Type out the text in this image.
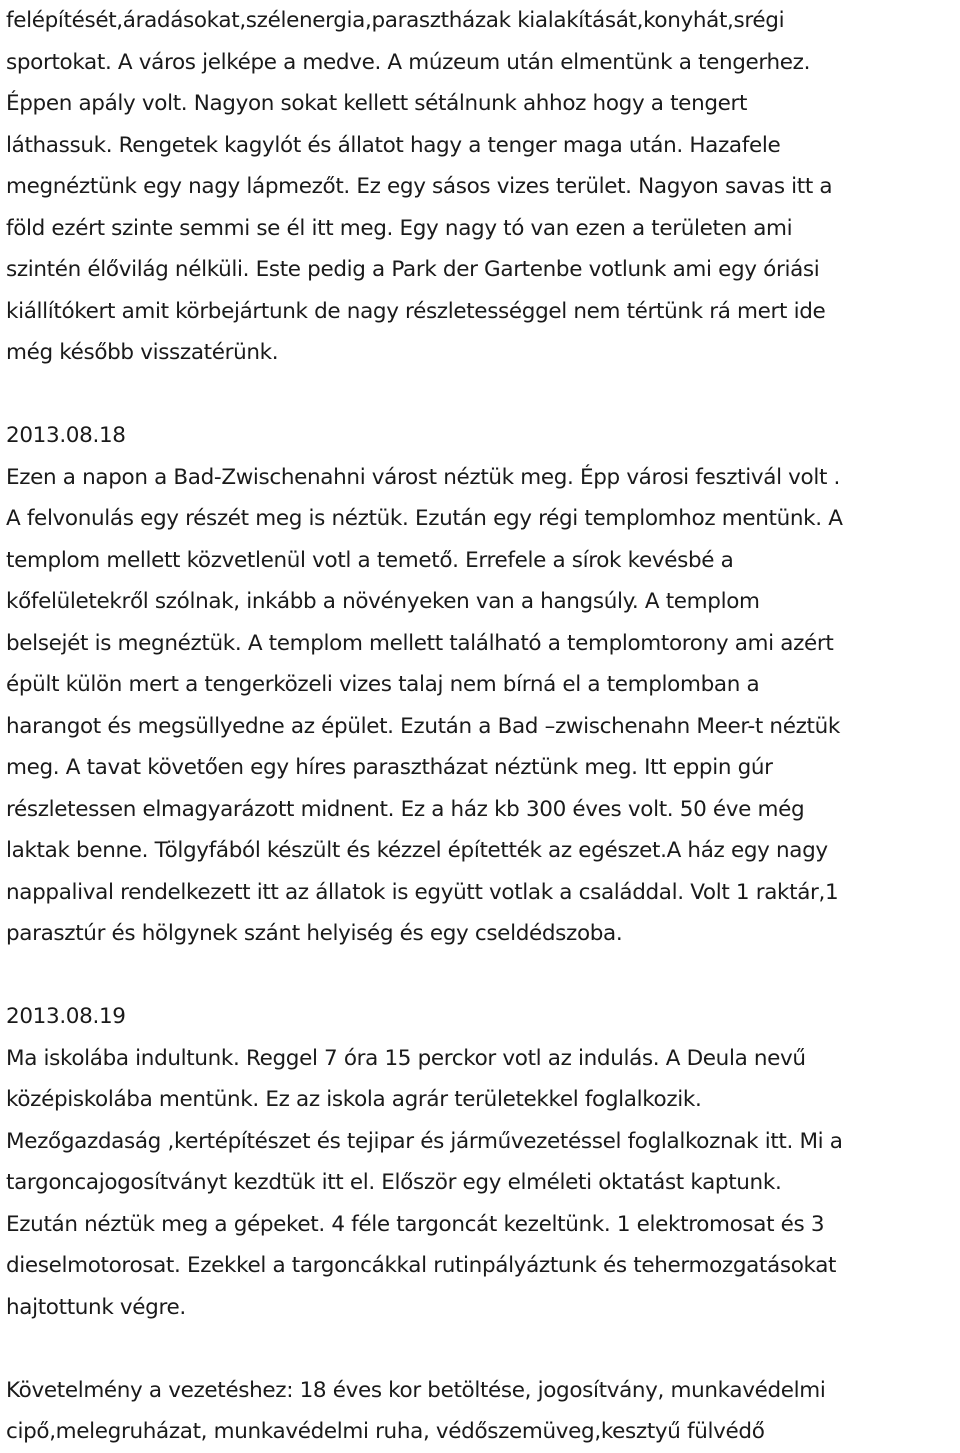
felépítését,áradásokat,szélenergia,parasztházak kialakítását,konyhát,srégi
sportokat. A város jelképe a medve. A múzeum után elmentünk a tengerhez.
Éppen apály volt. Nagyon sokat kellett sétálnunk ahhoz hogy a tengert
láthassuk. Rengetek kagylót és állatot hagy a tenger maga után. Hazafele
megnéztünk egy nagy lápmezőt. Ez egy sásos vizes terület. Nagyon savas itt a
föld ezért szinte semmi se él itt meg. Egy nagy tó van ezen a területen ami
szintén élővilág nélküli. Este pedig a Park der Gartenbe votlunk ami egy óriási
kiállítókert amit körbejártunk de nagy részletességgel nem tértünk rá mert ide
még később visszatérünk.
2013.08.18
Ezen a napon a Bad-Zwischenahni várost néztük meg. Épp városi fesztivál volt .
A felvonulás egy részét meg is néztük. Ezután egy régi templomhoz mentünk. A
templom mellett közvetlenül votl a temető. Errefele a sírok kevésbé a
kőfelületekről szólnak, inkább a növényeken van a hangsúly. A templom
belsejét is megnéztük. A templom mellett található a templomtorony ami azért
épült külön mert a tengerközeli vizes talaj nem bírná el a templomban a
harangot és megsüllyedne az épület. Ezután a Bad –zwischenahn Meer-t néztük
meg. A tavat követően egy híres parasztházat néztünk meg. Itt eppin gúr
részletessen elmagyarázott midnent. Ez a ház kb 300 éves volt. 50 éve még
laktak benne. Tölgyfából készült és kézzel építették az egészet.A ház egy nagy
nappalival rendelkezett itt az állatok is együtt votlak a családdal. Volt 1 raktár,1
parasztúr és hölgynek szánt helyiség és egy cseldédszoba.
2013.08.19
Ma iskolába indultunk. Reggel 7 óra 15 perckor votl az indulás. A Deula nevű
középiskolába mentünk. Ez az iskola agrár területekkel foglalkozik.
Mezőgazdaság ,kertépítészet és tejipar és járművezetéssel foglalkoznak itt. Mi a
targoncajogosítványt kezdtük itt el. Először egy elméleti oktatást kaptunk.
Ezután néztük meg a gépeket. 4 féle targoncát kezeltünk. 1 elektromosat és 3
dieselmotorosat. Ezekkel a targoncákkal rutinpályáztunk és tehermozgatásokat
hajtottunk végre.
Követelmény a vezetéshez: 18 éves kor betöltése, jogosítvány, munkavédelmi
cipő,melegruházat, munkavédelmi ruha, védőszemüveg,kesztyű fülvédő
